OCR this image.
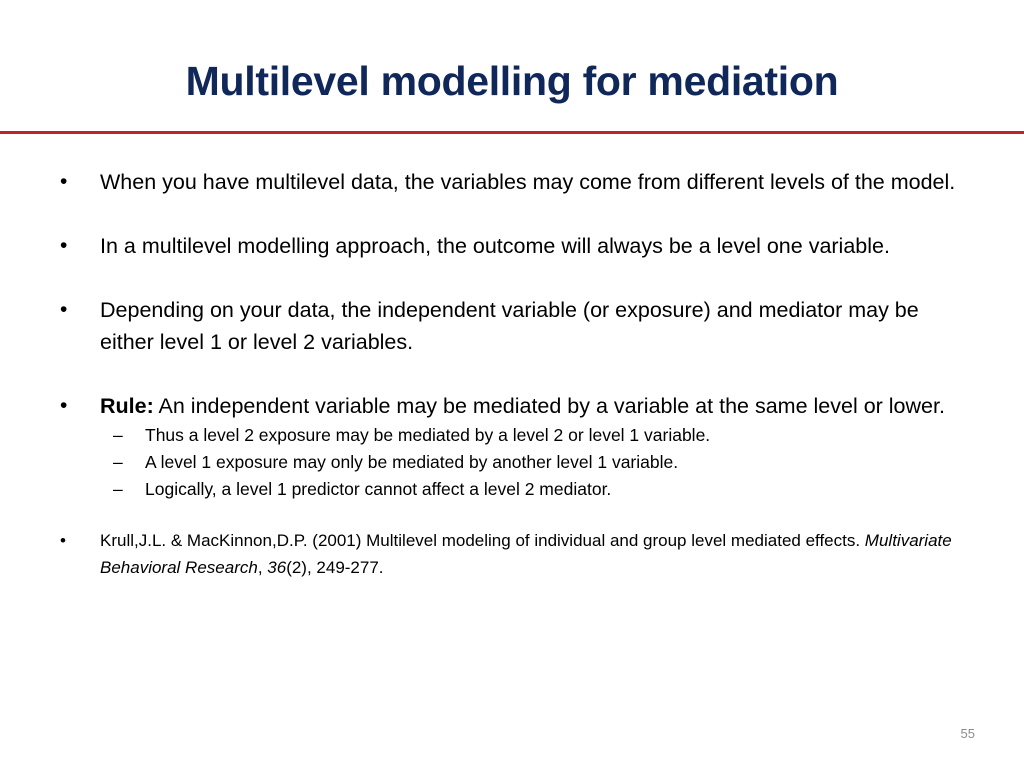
Multilevel modelling for mediation
• When you have multilevel data, the variables may come from different levels of the model.
• In a multilevel modelling approach, the outcome will always be a level one variable.
• Depending on your data, the independent variable (or exposure) and mediator may be either level 1 or level 2 variables.
• Rule: An independent variable may be mediated by a variable at the same level or lower.
– Thus a level 2 exposure may be mediated by a level 2 or level 1 variable.
– A level 1 exposure may only be mediated by another level 1 variable.
– Logically, a level 1 predictor cannot affect a level 2 mediator.
• Krull,J.L. & MacKinnon,D.P. (2001) Multilevel modeling of individual and group level mediated effects. Multivariate Behavioral Research, 36(2), 249-277.
55
